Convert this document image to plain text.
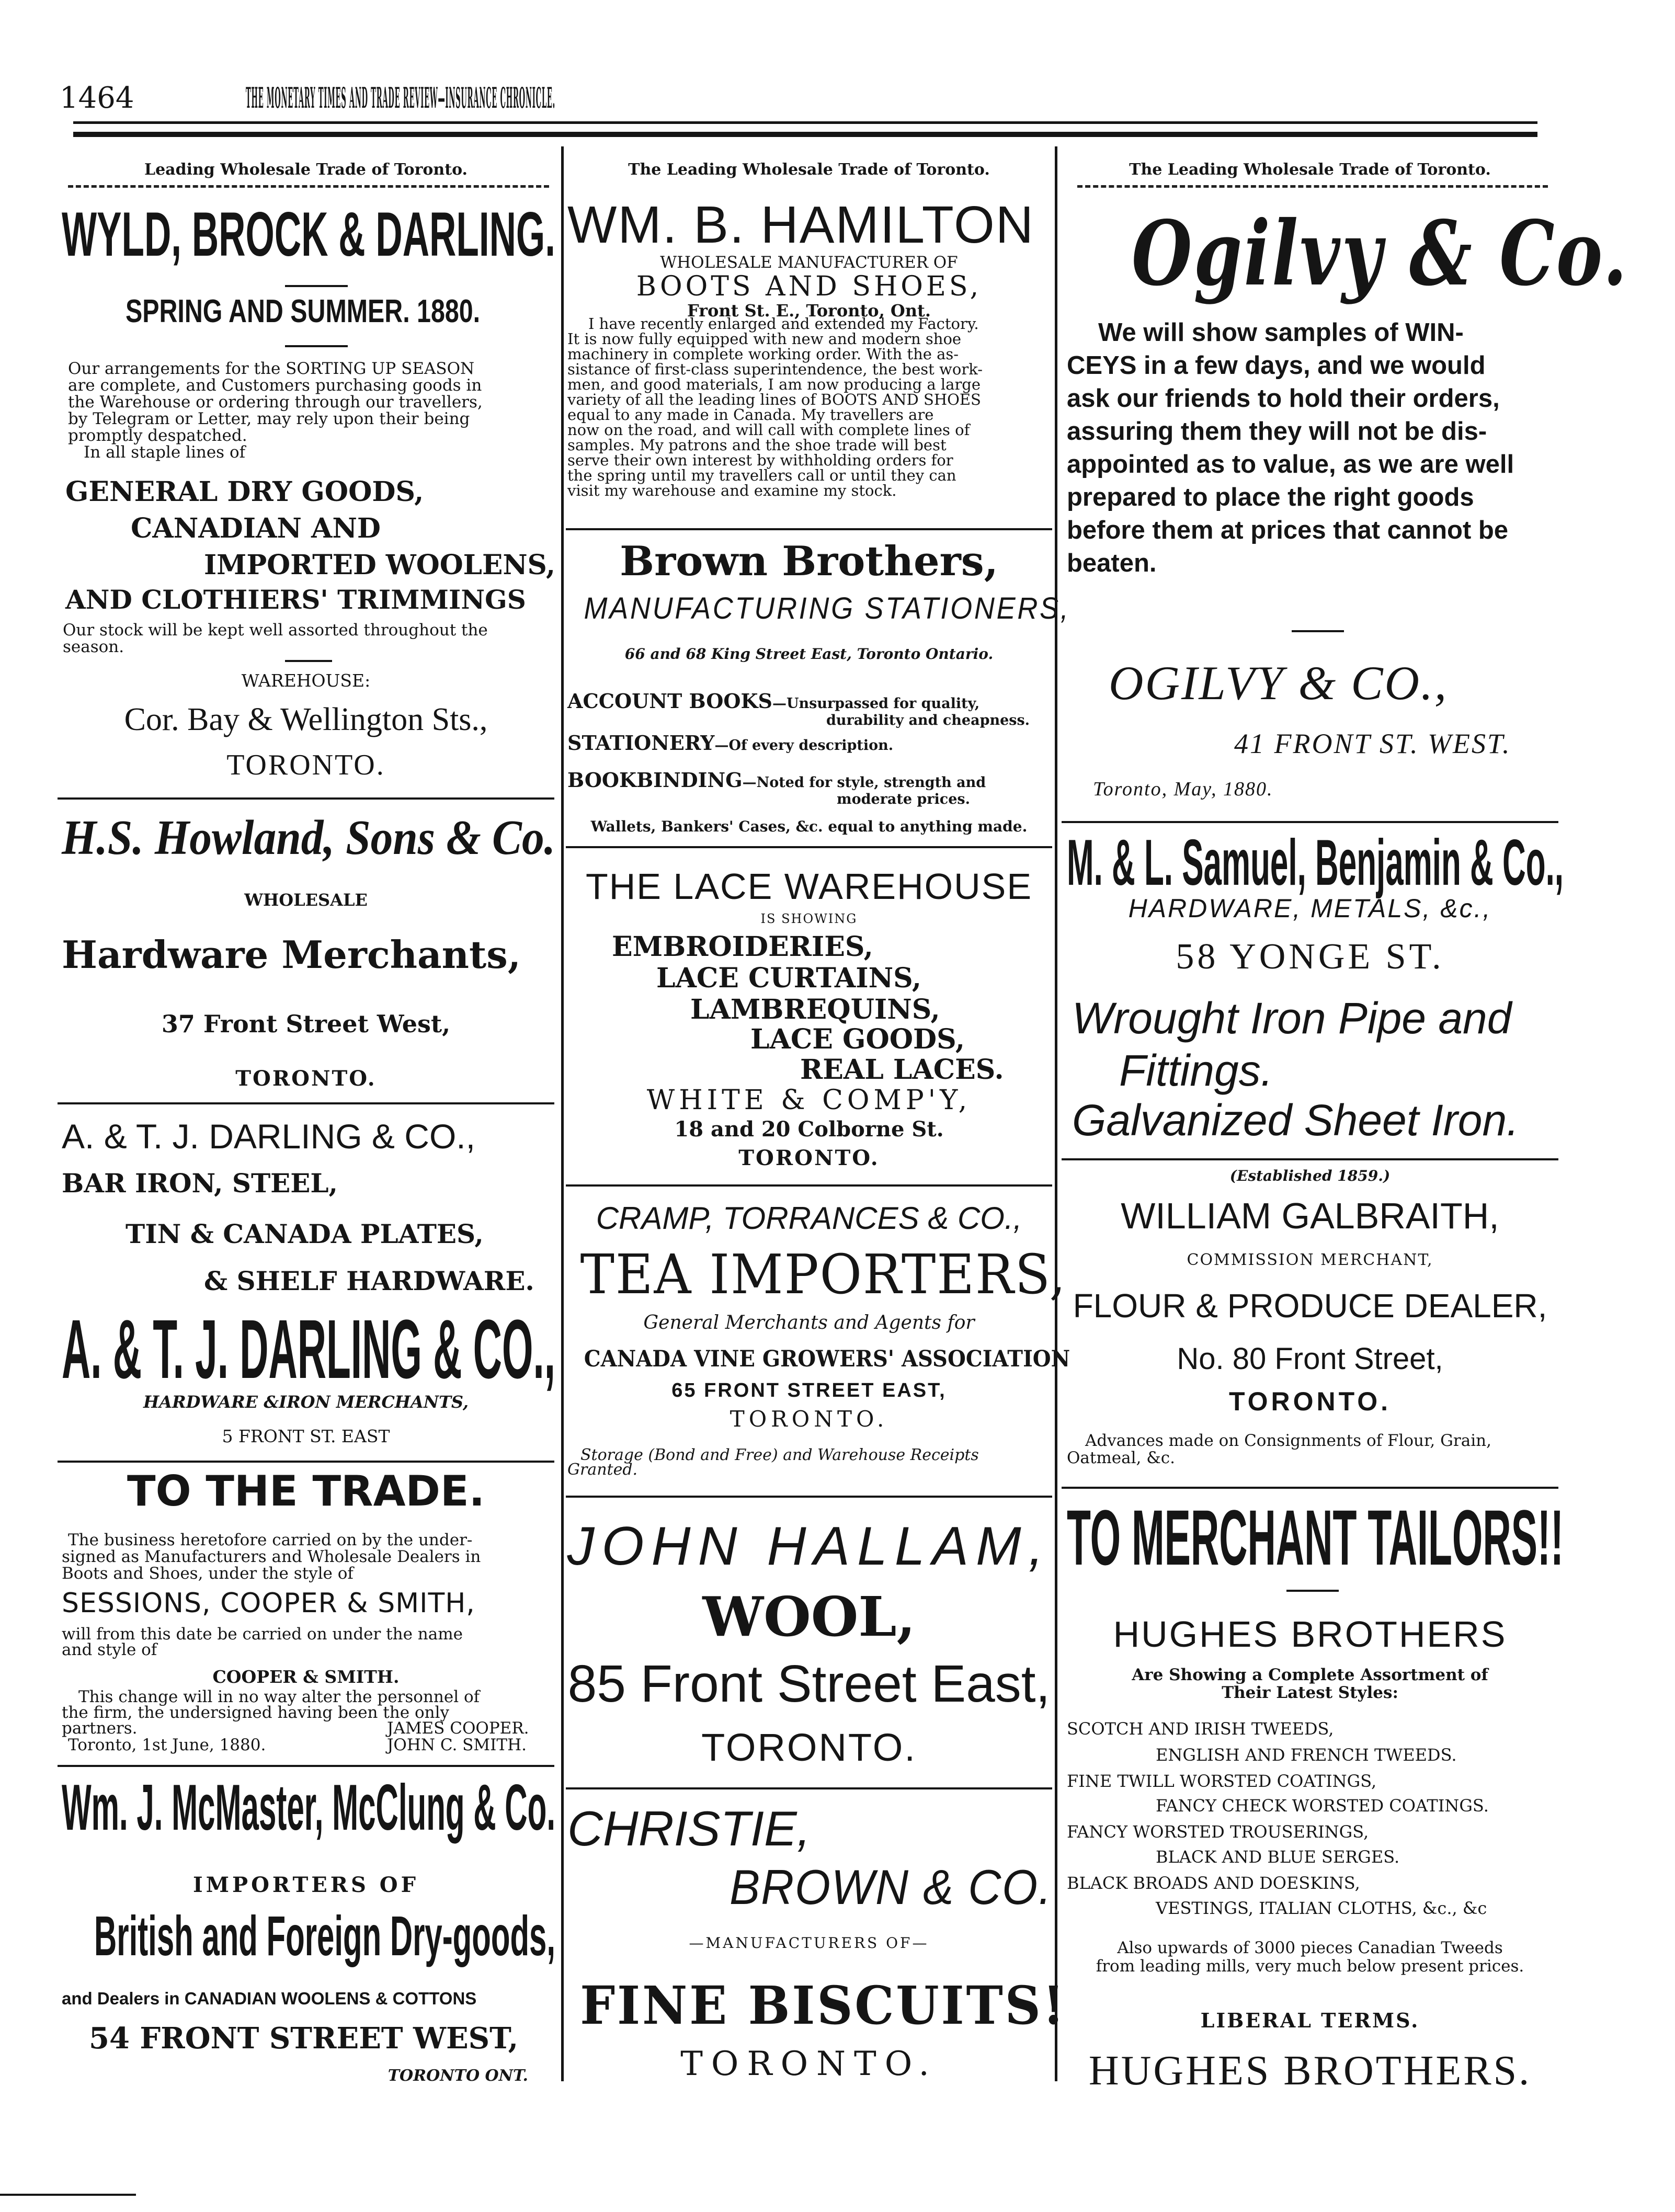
1464	THE MONETARY TIMES AND TRADE REVIEW—INSURANCE CHRONICLE.
Leading Wholesale Trade of Toronto.
WYLD, BROCK & DARLING.
SPRING AND SUMMER. 1880.
Our arrangements for the SORTING UP SEASON
are complete, and Customers purchasing goods in
the Warehouse or ordering through our travellers,
by Telegram or Letter, may rely upon their being
promptly despatched.
In all staple lines of
GENERAL DRY GOODS,
CANADIAN AND
IMPORTED WOOLENS,
AND CLOTHIERS' TRIMMINGS
Our stock will be kept well assorted throughout the
season.
WAREHOUSE:
Cor. Bay & Wellington Sts.,
TORONTO.
H.S. Howland, Sons & Co.
WHOLESALE
Hardware Merchants,
37 Front Street West,
TORONTO.
A. & T. J. DARLING & CO.,
BAR IRON, STEEL,
TIN & CANADA PLATES,
& SHELF HARDWARE.
A. & T. J. DARLING & CO.,
HARDWARE &IRON MERCHANTS,
5 FRONT ST. EAST
TO THE TRADE.
The business heretofore carried on by the under-
signed as Manufacturers and Wholesale Dealers in
Boots and Shoes, under the style of
SESSIONS, COOPER & SMITH,
will from this date be carried on under the name
and style of
COOPER & SMITH.
This change will in no way alter the personnel of
the firm, the undersigned having been the only
partners.	JAMES COOPER.
Toronto, 1st June, 1880.	JOHN C. SMITH.
Wm. J. McMaster, McClung & Co.
IMPORTERS OF
British and Foreign Dry-goods,
and Dealers in CANADIAN WOOLENS & COTTONS
54 FRONT STREET WEST,
TORONTO ONT.
The Leading Wholesale Trade of Toronto.
WM. B. HAMILTON
WHOLESALE MANUFACTURER OF
BOOTS AND SHOES,
Front St. E., Toronto, Ont.
I have recently enlarged and extended my Factory.
It is now fully equipped with new and modern shoe
machinery in complete working order. With the as-
sistance of first-class superintendence, the best work-
men, and good materials, I am now producing a large
variety of all the leading lines of BOOTS AND SHOES
equal to any made in Canada. My travellers are
now on the road, and will call with complete lines of
samples. My patrons and the shoe trade will best
serve their own interest by withholding orders for
the spring until my travellers call or until they can
visit my warehouse and examine my stock.
Brown Brothers,
MANUFACTURING STATIONERS,
66 and 68 King Street East, Toronto Ontario.
ACCOUNT BOOKS—Unsurpassed for quality,
durability and cheapness.
STATIONERY—Of every description.
BOOKBINDING—Noted for style, strength and
moderate prices.
Wallets, Bankers' Cases, &c. equal to anything made.
THE LACE WAREHOUSE
IS SHOWING
EMBROIDERIES,
LACE CURTAINS,
LAMBREQUINS,
LACE GOODS,
REAL LACES.
WHITE & COMP'Y,
18 and 20 Colborne St.
TORONTO.
CRAMP, TORRANCES & CO.,
TEA IMPORTERS,
General Merchants and Agents for
CANADA VINE GROWERS' ASSOCIATION
65 FRONT STREET EAST,
TORONTO.
Storage (Bond and Free) and Warehouse Receipts
Granted.
JOHN HALLAM,
WOOL,
85 Front Street East,
TORONTO.
CHRISTIE,
BROWN & CO.
—MANUFACTURERS OF—
FINE BISCUITS!
TORONTO.
The Leading Wholesale Trade of Toronto.
Ogilvy & Co.
We will show samples of WIN-
CEYS in a few days, and we would
ask our friends to hold their orders,
assuring them they will not be dis-
appointed as to value, as we are well
prepared to place the right goods
before them at prices that cannot be
beaten.
OGILVY & CO.,
41 FRONT ST. WEST.
Toronto, May, 1880.
M. & L. Samuel, Benjamin & Co.,
HARDWARE, METALS, &c.,
58 YONGE ST.
Wrought Iron Pipe and
Fittings.
Galvanized Sheet Iron.
(Established 1859.)
WILLIAM GALBRAITH,
COMMISSION MERCHANT,
FLOUR & PRODUCE DEALER,
No. 80 Front Street,
TORONTO.
Advances made on Consignments of Flour, Grain,
Oatmeal, &c.
TO MERCHANT TAILORS!!
HUGHES BROTHERS
Are Showing a Complete Assortment of
Their Latest Styles:
SCOTCH AND IRISH TWEEDS,
ENGLISH AND FRENCH TWEEDS.
FINE TWILL WORSTED COATINGS,
FANCY CHECK WORSTED COATINGS.
FANCY WORSTED TROUSERINGS,
BLACK AND BLUE SERGES.
BLACK BROADS AND DOESKINS,
VESTINGS, ITALIAN CLOTHS, &c., &c
Also upwards of 3000 pieces Canadian Tweeds
from leading mills, very much below present prices.
LIBERAL TERMS.
HUGHES BROTHERS.
